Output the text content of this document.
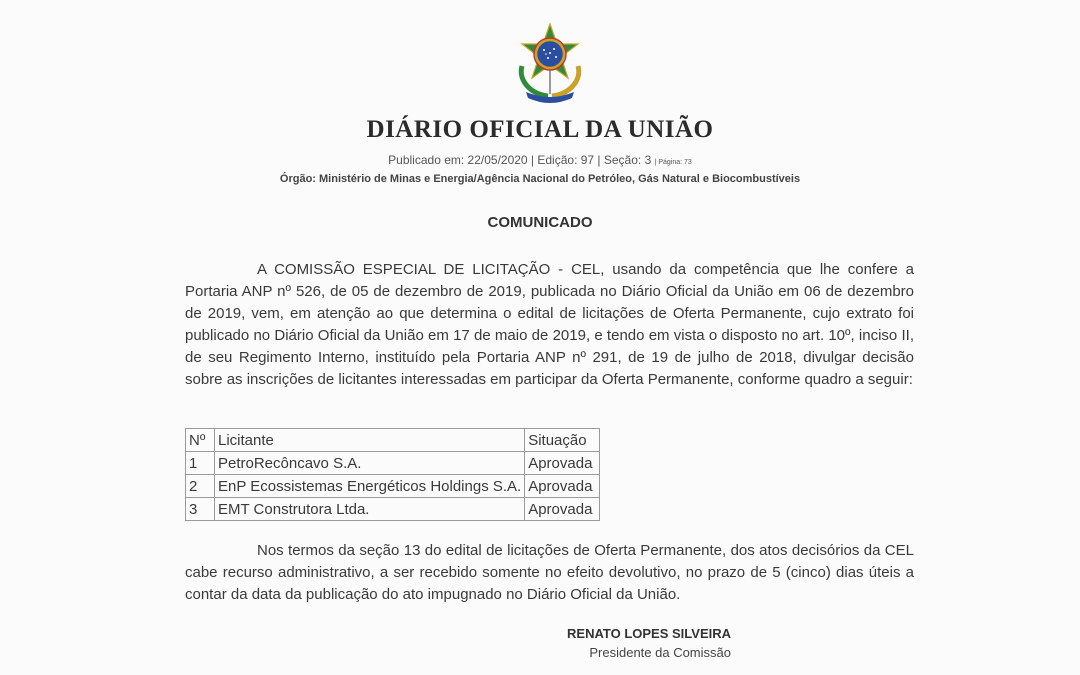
DIÁRIO OFICIAL DA UNIÃO
Publicado em: 22/05/2020 | Edição: 97 | Seção: 3 | Página: 73
Órgão: Ministério de Minas e Energia/Agência Nacional do Petróleo, Gás Natural e Biocombustíveis
COMUNICADO

A COMISSÃO ESPECIAL DE LICITAÇÃO - CEL, usando da competência que lhe confere a Portaria ANP nº 526, de 05 de dezembro de 2019, publicada no Diário Oficial da União em 06 de dezembro de 2019, vem, em atenção ao que determina o edital de licitações de Oferta Permanente, cujo extrato foi publicado no Diário Oficial da União em 17 de maio de 2019, e tendo em vista o disposto no art. 10º, inciso II, de seu Regimento Interno, instituído pela Portaria ANP nº 291, de 19 de julho de 2018, divulgar decisão sobre as inscrições de licitantes interessadas em participar da Oferta Permanente, conforme quadro a seguir:

Nº	Licitante	Situação
1	PetroRecôncavo S.A.	Aprovada
2	EnP Ecossistemas Energéticos Holdings S.A.	Aprovada
3	EMT Construtora Ltda.	Aprovada

Nos termos da seção 13 do edital de licitações de Oferta Permanente, dos atos decisórios da CEL cabe recurso administrativo, a ser recebido somente no efeito devolutivo, no prazo de 5 (cinco) dias úteis a contar da data da publicação do ato impugnado no Diário Oficial da União.

RENATO LOPES SILVEIRA
Presidente da Comissão
